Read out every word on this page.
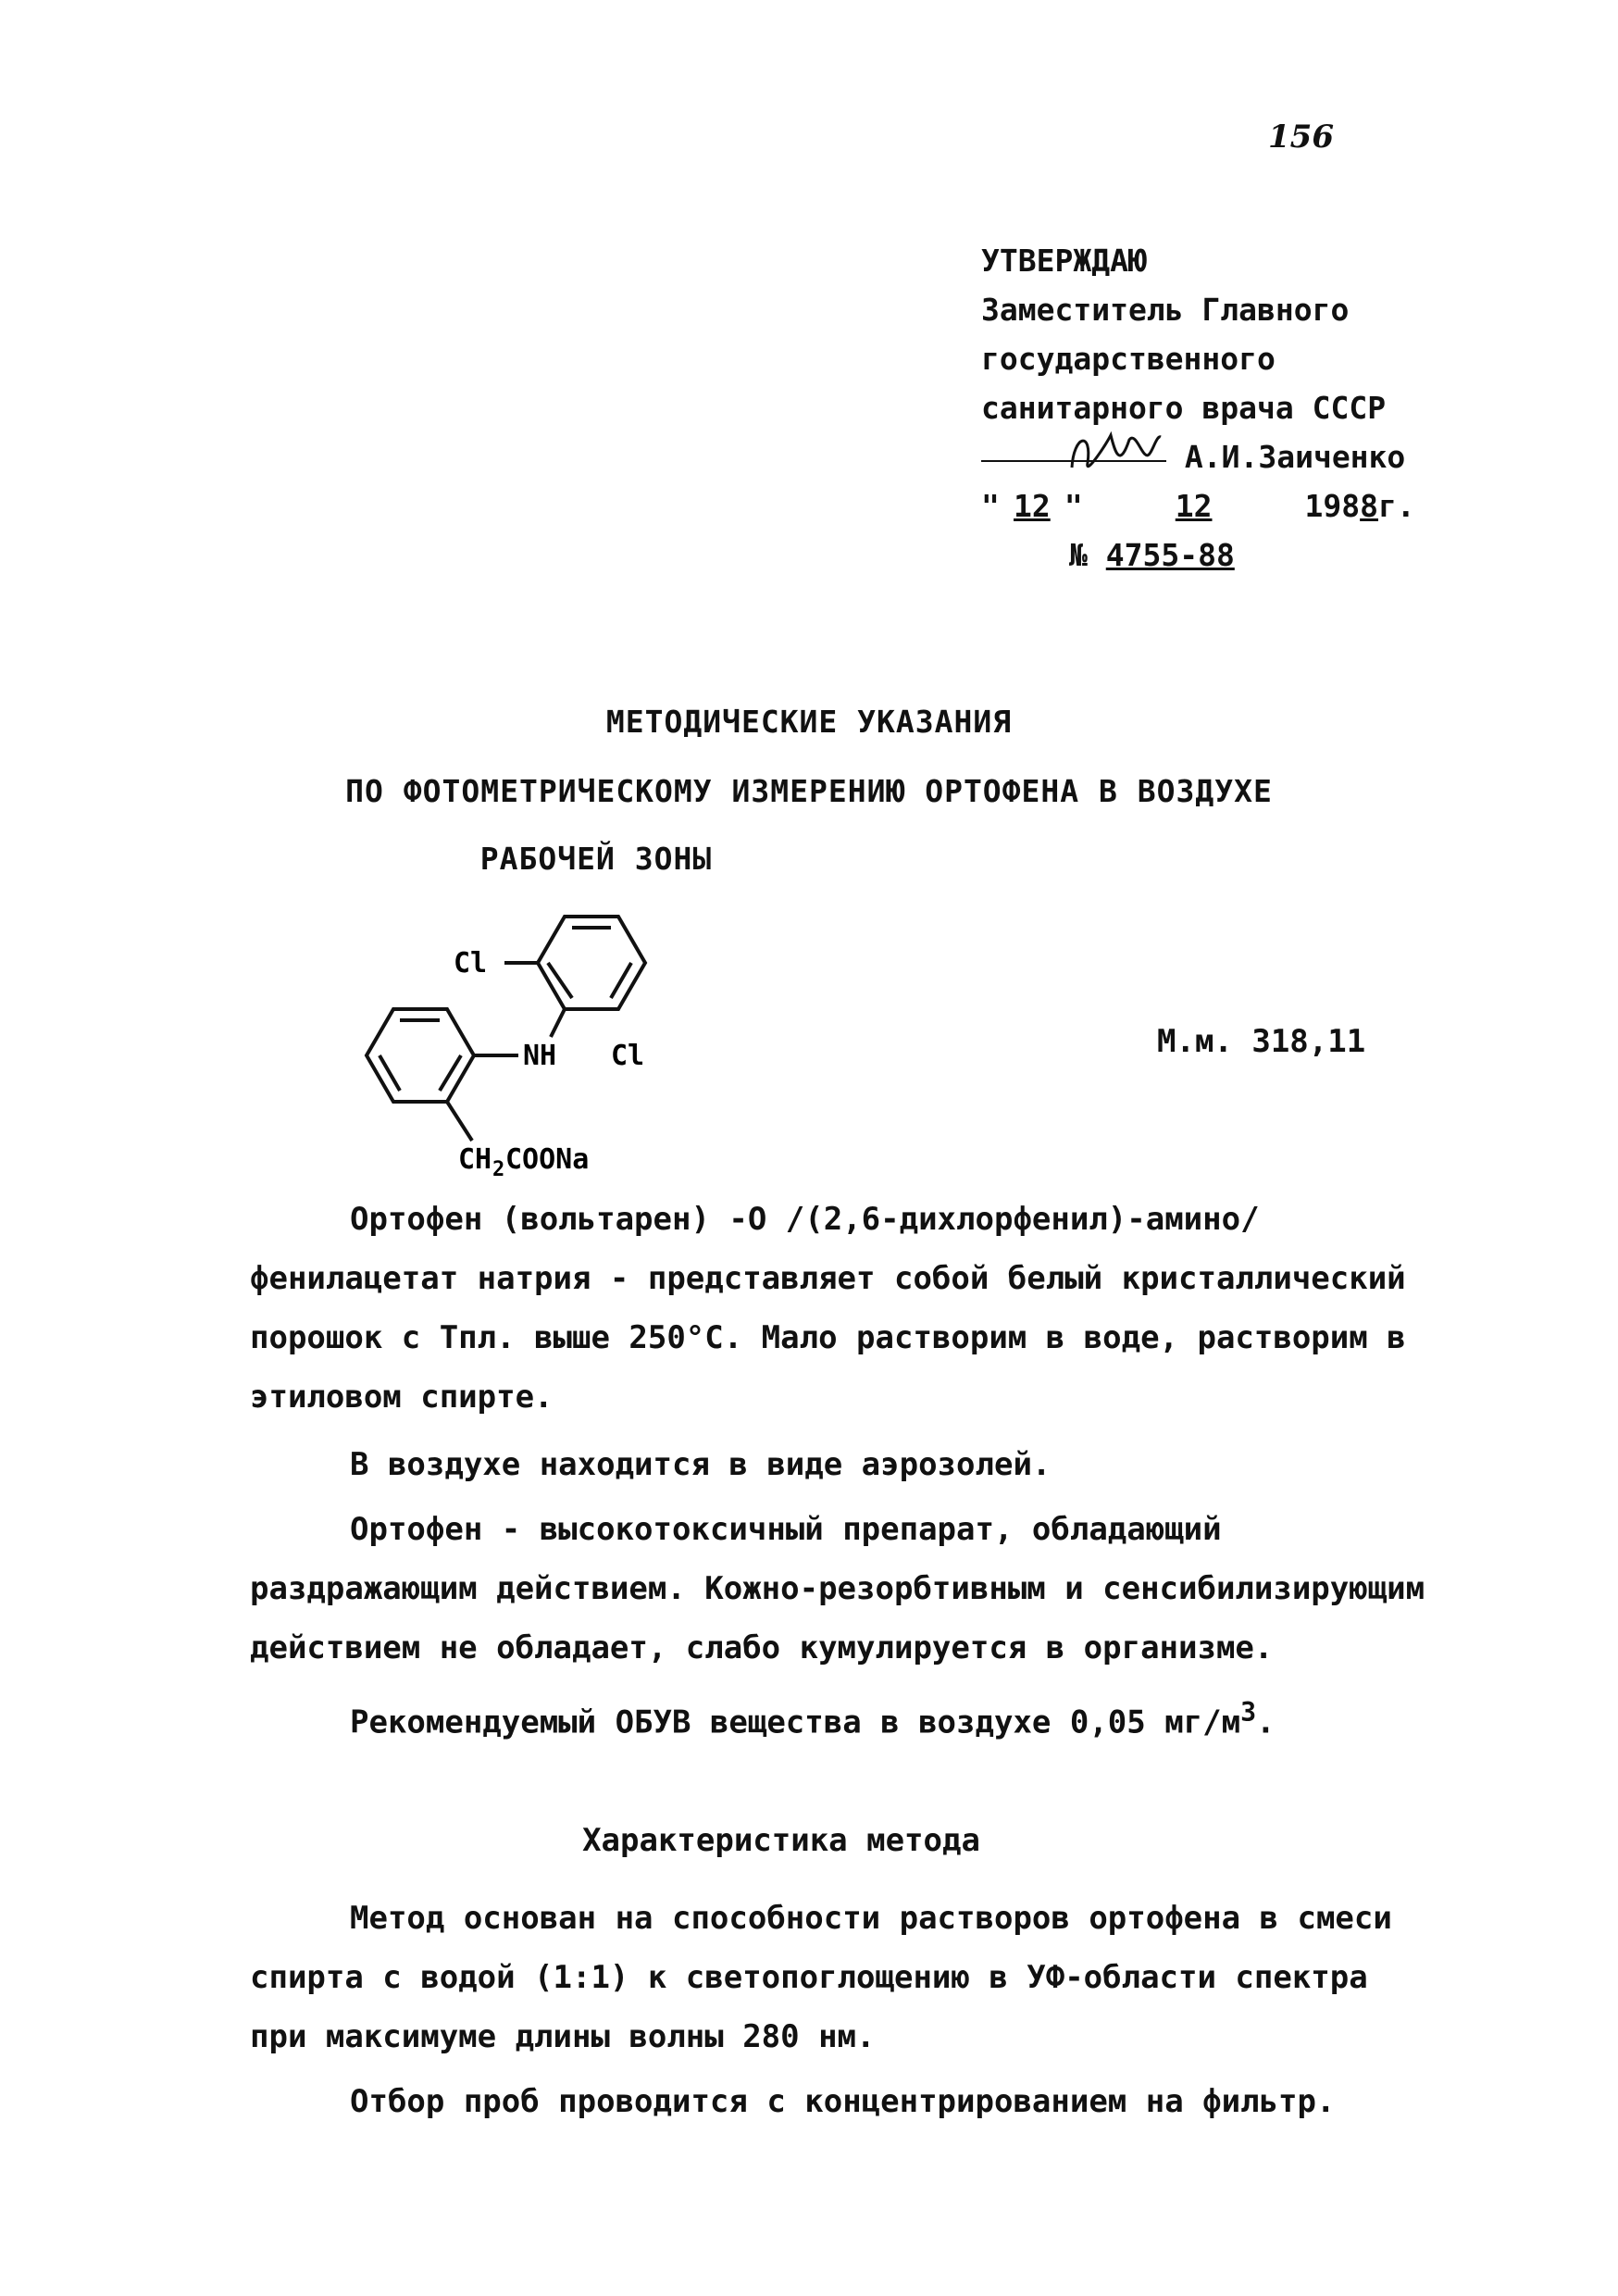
156
УТВЕРЖДАЮ
Заместитель Главного
государственного
санитарного врача СССР
А.И.Заиченко
" 12 " 12	1988г.
№ 4755-88
МЕТОДИЧЕСКИЕ УКАЗАНИЯ
ПО ФОТОМЕТРИЧЕСКОМУ ИЗМЕРЕНИЮ ОРТОФЕНА В ВОЗДУХЕ
РАБОЧЕЙ ЗОНЫ
Cl
NH Cl
CH 2 COONa
М.м. 318,11
Ортофен (вольтарен) -О /(2,6-дихлорфенил)-амино/фенилацетат натрия - представляет собой белый кристаллический порошок с Тпл. выше 250°С. Мало растворим в воде, растворим в этиловом спирте.
В воздухе находится в виде аэрозолей.
Ортофен - высокотоксичный препарат, обладающий раздражающим действием. Кожно-резорбтивным и сенсибилизирующим действием не обладает, слабо кумулируется в организме.
Рекомендуемый ОБУВ вещества в воздухе 0,05 $мг/м^3$.
Характеристика метода
Метод основан на способности растворов ортофена в смеси спирта с водой (1:1) к светопоглощению в УФ-области спектра при максимуме длины волны 280 нм.
Отбор проб проводится с концентрированием на фильтр.
